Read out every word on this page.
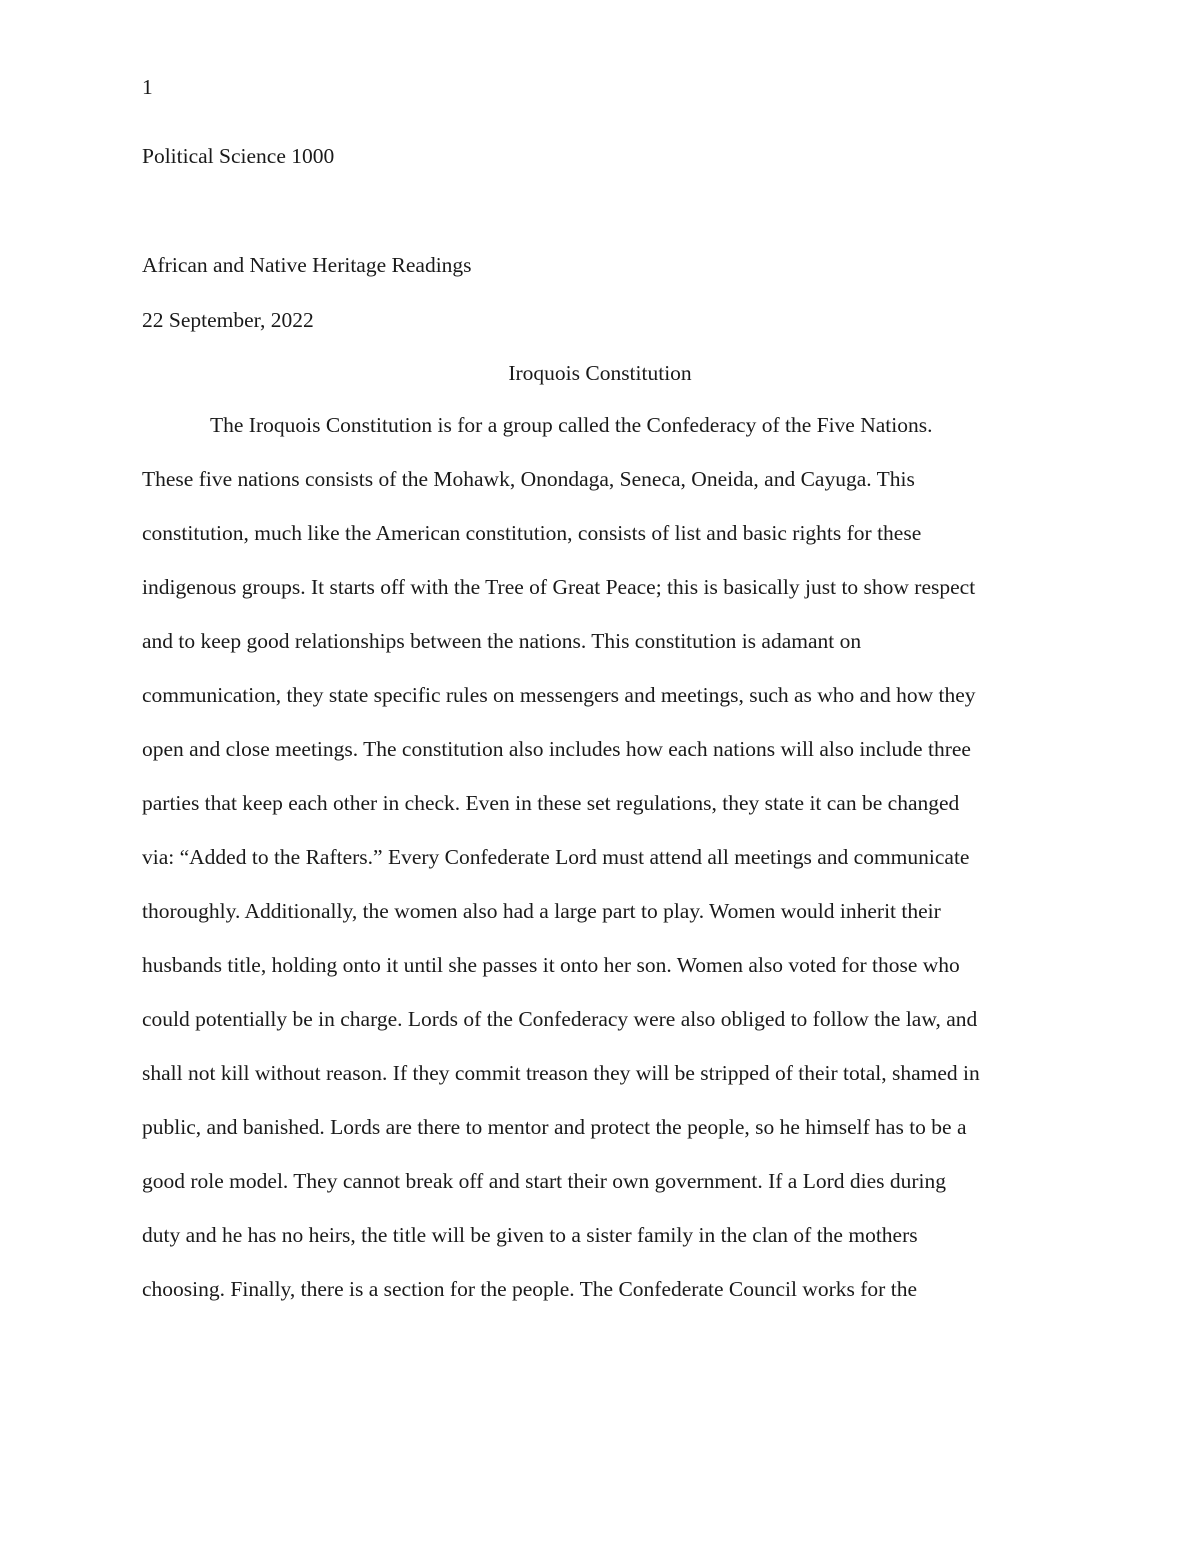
1

Political Science 1000

African and Native Heritage Readings

22 September, 2022

Iroquois Constitution

The Iroquois Constitution is for a group called the Confederacy of the Five Nations.
These five nations consists of the Mohawk, Onondaga, Seneca, Oneida, and Cayuga. This
constitution, much like the American constitution, consists of list and basic rights for these
indigenous groups. It starts off with the Tree of Great Peace; this is basically just to show respect
and to keep good relationships between the nations. This constitution is adamant on
communication, they state specific rules on messengers and meetings, such as who and how they
open and close meetings. The constitution also includes how each nations will also include three
parties that keep each other in check. Even in these set regulations, they state it can be changed
via: “Added to the Rafters.” Every Confederate Lord must attend all meetings and communicate
thoroughly. Additionally, the women also had a large part to play. Women would inherit their
husbands title, holding onto it until she passes it onto her son. Women also voted for those who
could potentially be in charge. Lords of the Confederacy were also obliged to follow the law, and
shall not kill without reason. If they commit treason they will be stripped of their total, shamed in
public, and banished. Lords are there to mentor and protect the people, so he himself has to be a
good role model. They cannot break off and start their own government. If a Lord dies during
duty and he has no heirs, the title will be given to a sister family in the clan of the mothers
choosing. Finally, there is a section for the people. The Confederate Council works for the
